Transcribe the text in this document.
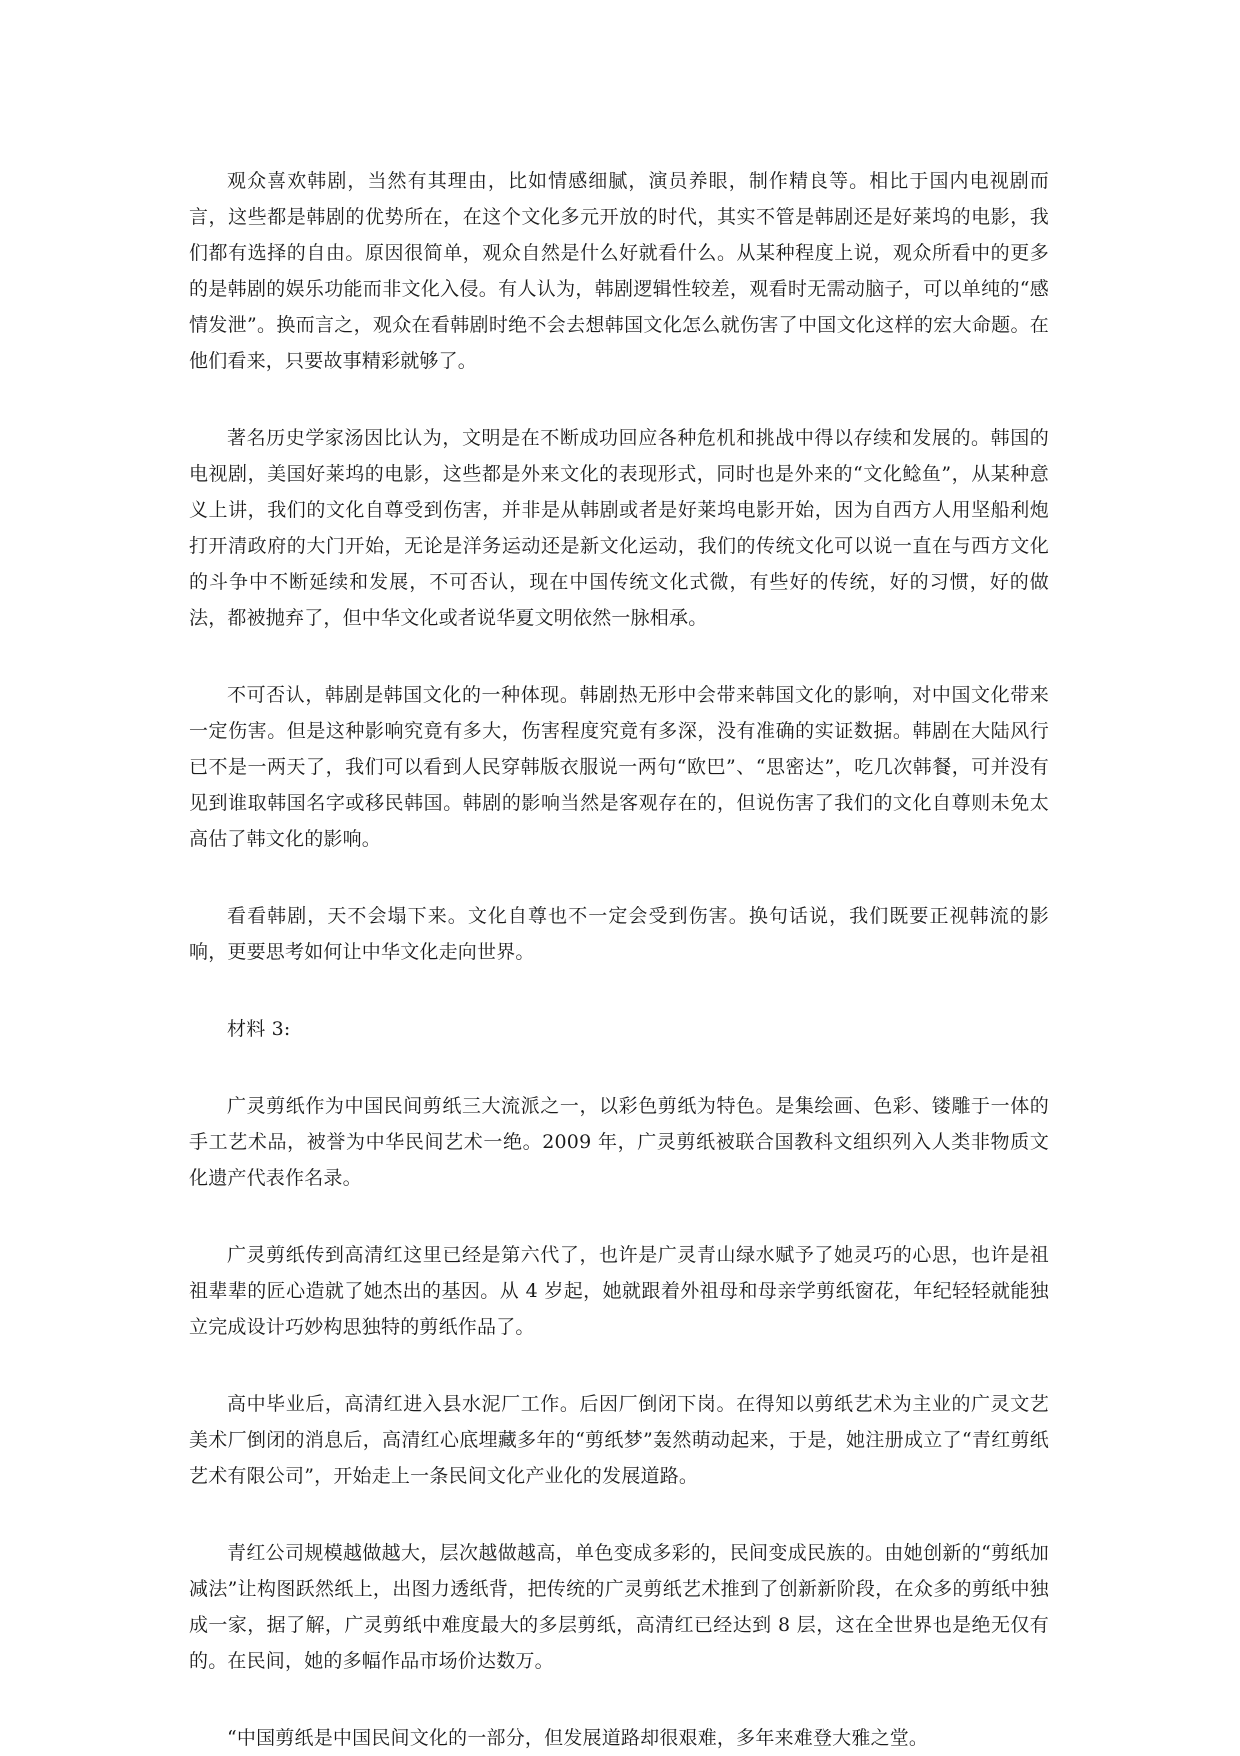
观众喜欢韩剧，当然有其理由，比如情感细腻，演员养眼，制作精良等。相比于国内电视剧而言，这些都是韩剧的优势所在，在这个文化多元开放的时代，其实不管是韩剧还是好莱坞的电影，我们都有选择的自由。原因很简单，观众自然是什么好就看什么。从某种程度上说，观众所看中的更多的是韩剧的娱乐功能而非文化入侵。有人认为，韩剧逻辑性较差，观看时无需动脑子，可以单纯的“感情发泄”。换而言之，观众在看韩剧时绝不会去想韩国文化怎么就伤害了中国文化这样的宏大命题。在他们看来，只要故事精彩就够了。

著名历史学家汤因比认为，文明是在不断成功回应各种危机和挑战中得以存续和发展的。韩国的电视剧，美国好莱坞的电影，这些都是外来文化的表现形式，同时也是外来的“文化鲶鱼”，从某种意义上讲，我们的文化自尊受到伤害，并非是从韩剧或者是好莱坞电影开始，因为自西方人用坚船利炮打开清政府的大门开始，无论是洋务运动还是新文化运动，我们的传统文化可以说一直在与西方文化的斗争中不断延续和发展，不可否认，现在中国传统文化式微，有些好的传统，好的习惯，好的做法，都被抛弃了，但中华文化或者说华夏文明依然一脉相承。

不可否认，韩剧是韩国文化的一种体现。韩剧热无形中会带来韩国文化的影响，对中国文化带来一定伤害。但是这种影响究竟有多大，伤害程度究竟有多深，没有准确的实证数据。韩剧在大陆风行已不是一两天了，我们可以看到人民穿韩版衣服说一两句“欧巴”、“思密达”，吃几次韩餐，可并没有见到谁取韩国名字或移民韩国。韩剧的影响当然是客观存在的，但说伤害了我们的文化自尊则未免太高估了韩文化的影响。

看看韩剧，天不会塌下来。文化自尊也不一定会受到伤害。换句话说，我们既要正视韩流的影响，更要思考如何让中华文化走向世界。

材料 3:

广灵剪纸作为中国民间剪纸三大流派之一，以彩色剪纸为特色。是集绘画、色彩、镂雕于一体的手工艺术品，被誉为中华民间艺术一绝。2009 年，广灵剪纸被联合国教科文组织列入人类非物质文化遗产代表作名录。

广灵剪纸传到高清红这里已经是第六代了，也许是广灵青山绿水赋予了她灵巧的心思，也许是祖祖辈辈的匠心造就了她杰出的基因。从 4 岁起，她就跟着外祖母和母亲学剪纸窗花，年纪轻轻就能独立完成设计巧妙构思独特的剪纸作品了。

高中毕业后，高清红进入县水泥厂工作。后因厂倒闭下岗。在得知以剪纸艺术为主业的广灵文艺美术厂倒闭的消息后，高清红心底埋藏多年的“剪纸梦”轰然萌动起来，于是，她注册成立了“青红剪纸艺术有限公司”，开始走上一条民间文化产业化的发展道路。

青红公司规模越做越大，层次越做越高，单色变成多彩的，民间变成民族的。由她创新的“剪纸加减法”让构图跃然纸上，出图力透纸背，把传统的广灵剪纸艺术推到了创新新阶段，在众多的剪纸中独成一家，据了解，广灵剪纸中难度最大的多层剪纸，高清红已经达到 8 层，这在全世界也是绝无仅有的。在民间，她的多幅作品市场价达数万。

“中国剪纸是中国民间文化的一部分，但发展道路却很艰难，多年来难登大雅之堂。
